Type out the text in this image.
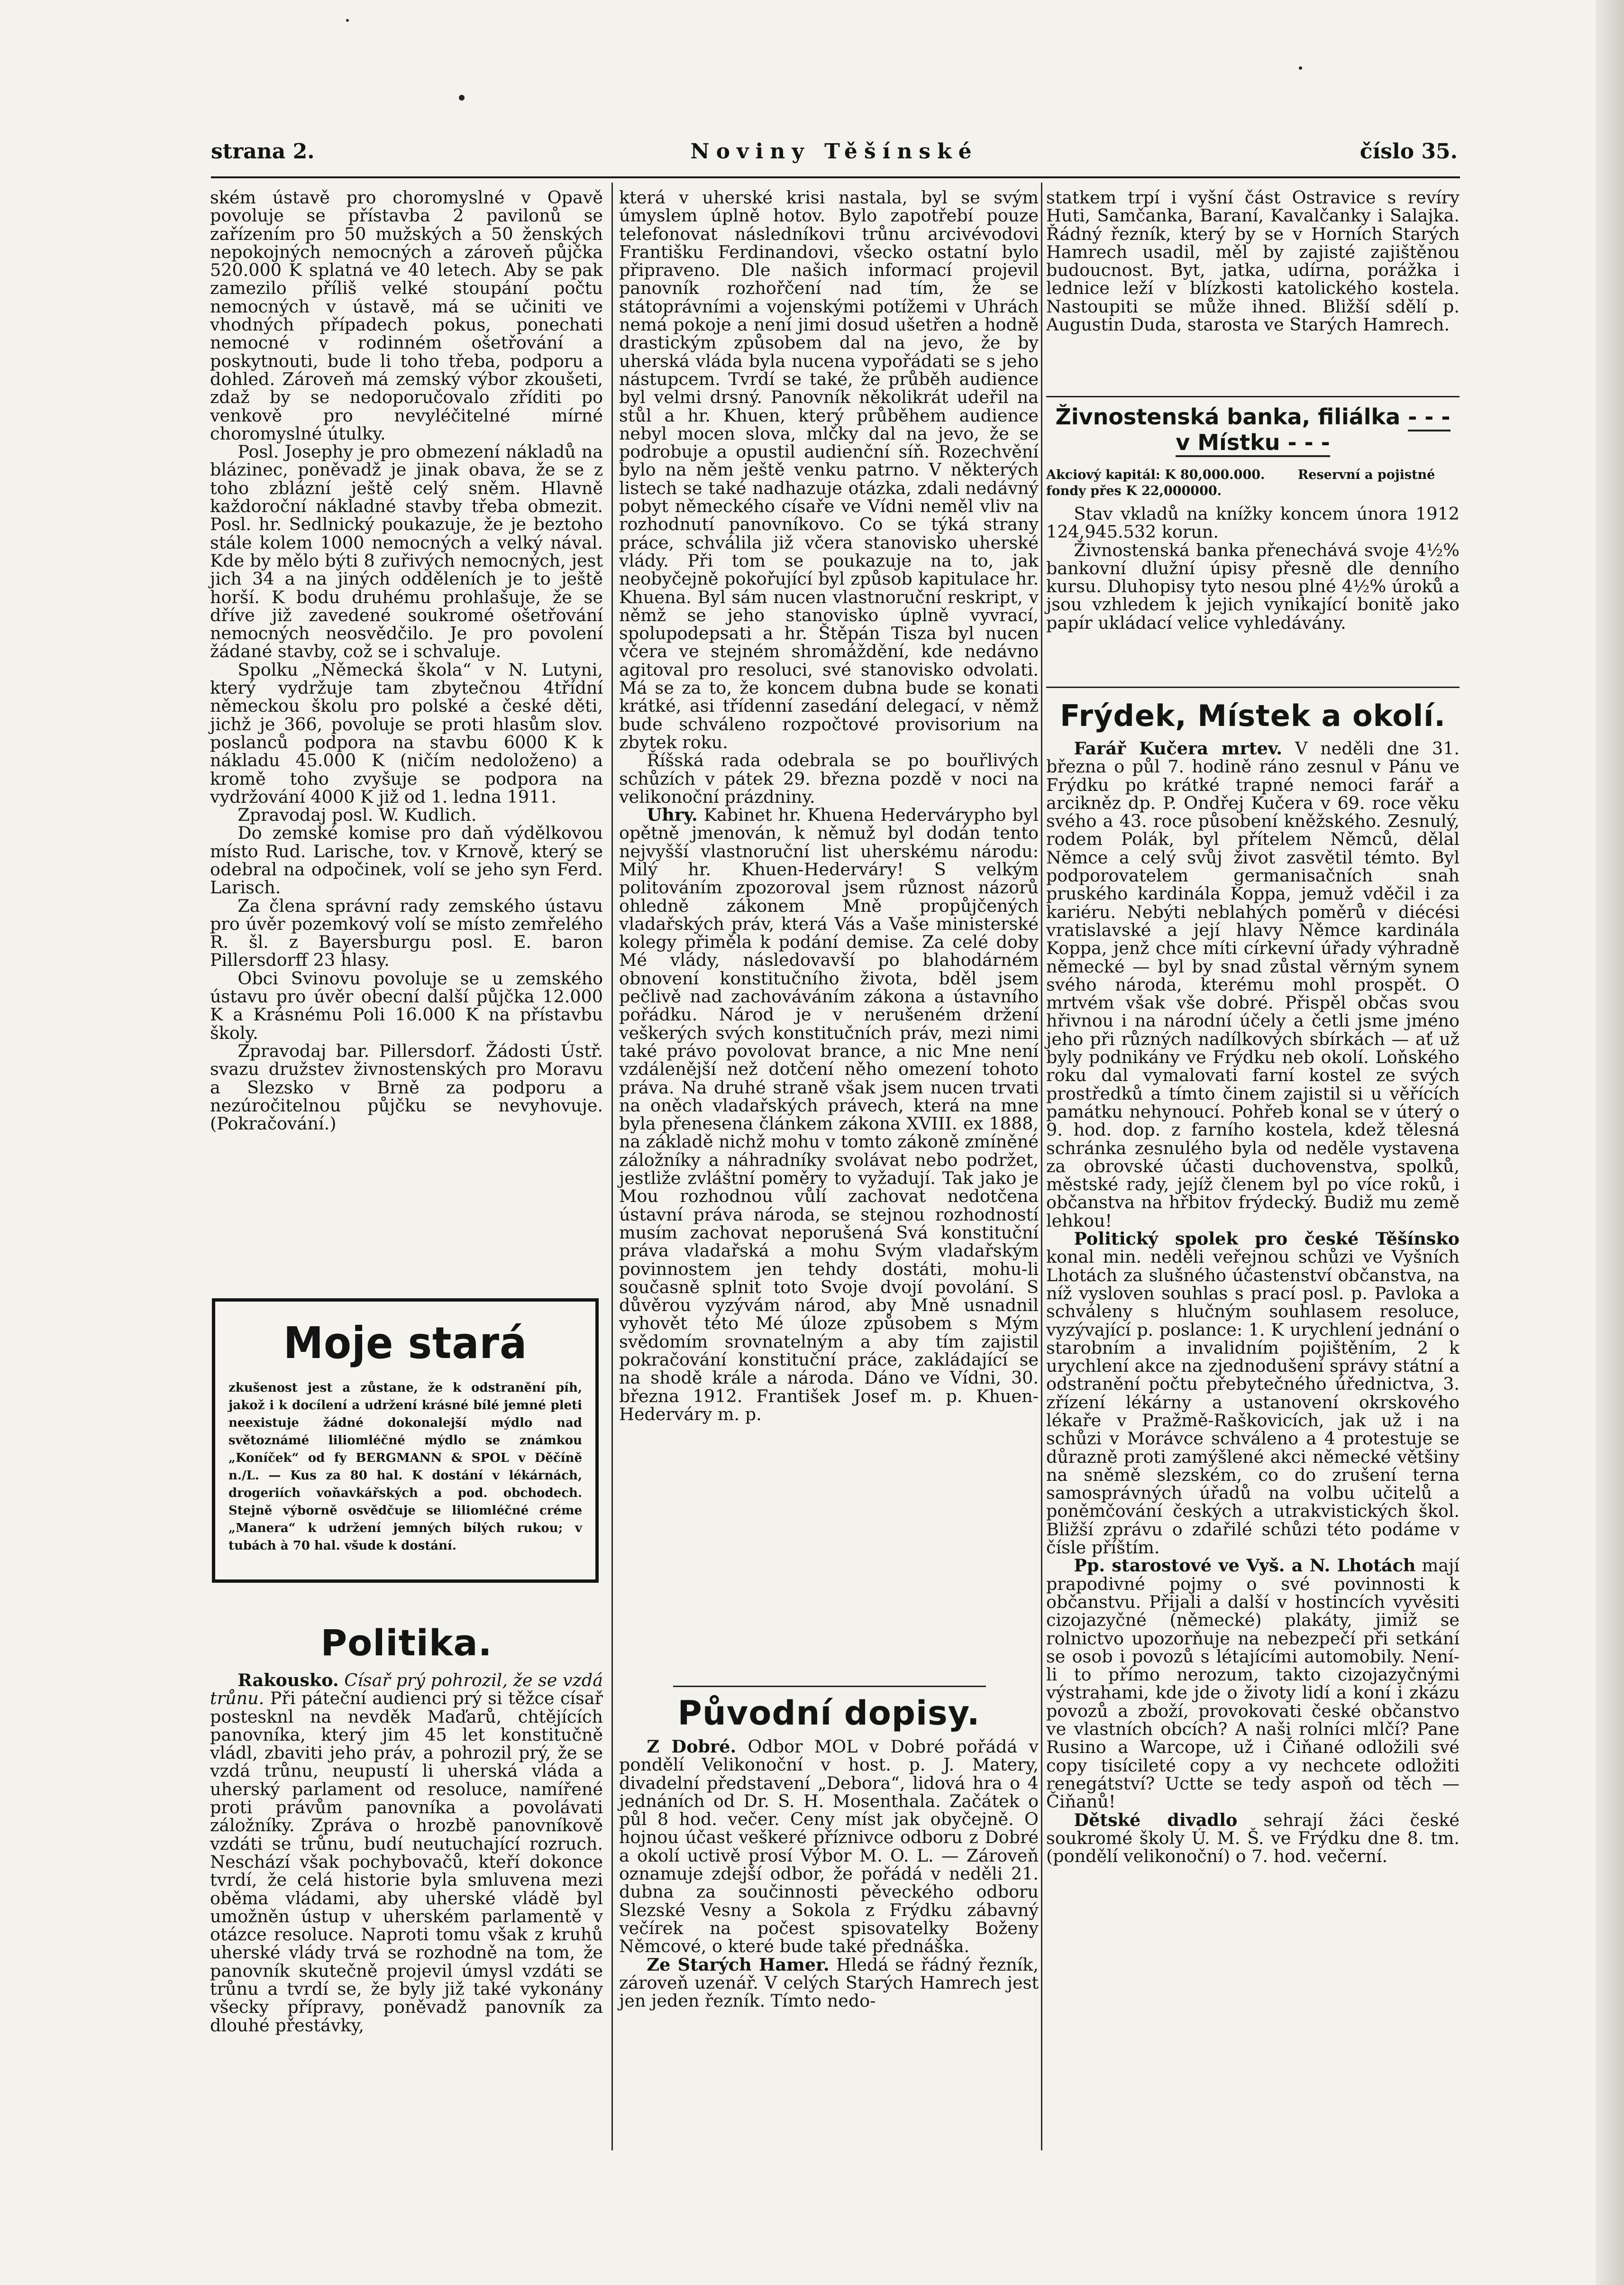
strana 2.	Noviny Těšínské	číslo 35.

ském ústavě pro choromyslné v Opavě povoluje se přístavba 2 pavilonů se zařízením pro 50 mužských a 50 ženských nepokojných nemocných a zároveň půjčka 520.000 K splatná ve 40 letech. Aby se pak zamezilo příliš velké stoupání počtu nemocných v ústavě, má se učiniti ve vhodných případech pokus, ponechati nemocné v rodinném ošetřování a poskytnouti, bude li toho třeba, podporu a dohled. Zároveň má zemský výbor zkoušeti, zdaž by se nedoporučovalo zříditi po venkově pro nevyléčitelné mírné choromyslné útulky.

Posl. Josephy je pro obmezení nákladů na blázinec, poněvadž je jinak obava, že se z toho zblázní ještě celý sněm. Hlavně každoroční nákladné stavby třeba obmezit. Posl. hr. Sedlnický poukazuje, že je beztoho stále kolem 1000 nemocných a velký nával. Kde by mělo býti 8 zuřivých nemocných, jest jich 34 a na jiných odděleních je to ještě horší. K bodu druhému prohlašuje, že se dříve již zavedené soukromé ošetřování nemocných neosvědčilo. Je pro povolení žádané stavby, což se i schvaluje.

Spolku „Německá škola“ v N. Lutyni, který vydržuje tam zbytečnou 4třídní německou školu pro polské a české děti, jichž je 366, povoluje se proti hlasům slov. poslanců podpora na stavbu 6000 K k nákladu 45.000 K (ničím nedoloženo) a kromě toho zvyšuje se podpora na vydržování 4000 K již od 1. ledna 1911.

Zpravodaj posl. W. Kudlich.

Do zemské komise pro daň výdělkovou místo Rud. Larische, tov. v Krnově, který se odebral na odpočinek, volí se jeho syn Ferd. Larisch.

Za člena správní rady zemského ústavu pro úvěr pozemkový volí se místo zemřelého R. šl. z Bayersburgu posl. E. baron Pillersdorff 23 hlasy.

Obci Svinovu povoluje se u zemského ústavu pro úvěr obecní další půjčka 12.000 K a Krásnému Poli 16.000 K na přístavbu školy.

Zpravodaj bar. Pillersdorf. Žádosti Ústř. svazu družstev živnostenských pro Moravu a Slezsko v Brně za podporu a nezúročitelnou půjčku se nevyhovuje. (Pokračování.)

Moje stará
zkušenost jest a zůstane, že k odstranění píh, jakož i k docílení a udržení krásné bílé jemné pleti neexistuje žádné dokonalejší mýdlo nad světoznámé liliomléčné mýdlo se známkou „Koníček“ od fy BERGMANN & SPOL v Děčíně n./L. — Kus za 80 hal. K dostání v lékárnách, drogeriích voňavkářských a pod. obchodech. Stejně výborně osvědčuje se liliomléčné créme „Manera“ k udržení jemných bílých rukou; v tubách à 70 hal. všude k dostání.
Politika.

Rakousko. Císař prý pohrozil, že se vzdá trůnu. Při páteční audienci prý si těžce císař postesknl na nevděk Maďarů, chtějících panovníka, který jim 45 let konstitučně vládl, zbaviti jeho práv, a pohrozil prý, že se vzdá trůnu, neupustí li uherská vláda a uherský parlament od resoluce, namířené proti právům panovníka a povolávati záložníky. Zpráva o hrozbě panovníkově vzdáti se trůnu, budí neutuchající rozruch. Neschází však pochybovačů, kteří dokonce tvrdí, že celá historie byla smluvena mezi oběma vládami, aby uherské vládě byl umožněn ústup v uherském parlamentě v otázce resoluce. Naproti tomu však z kruhů uherské vlády trvá se rozhodně na tom, že panovník skutečně projevil úmysl vzdáti se trůnu a tvrdí se, že byly již také vykonány všecky přípravy, poněvadž panovník za dlouhé přestávky,

která v uherské krisi nastala, byl se svým úmyslem úplně hotov. Bylo zapotřebí pouze telefonovat následníkovi trůnu arcivévodovi Františku Ferdinandovi, všecko ostatní bylo připraveno. Dle našich informací projevil panovník rozhořčení nad tím, že se státoprávními a vojenskými potížemi v Uhrách nemá pokoje a není jimi dosud ušetřen a hodně drastickým způsobem dal na jevo, že by uherská vláda byla nucena vypořádati se s jeho nástupcem. Tvrdí se také, že průběh audience byl velmi drsný. Panovník několikrát udeřil na stůl a hr. Khuen, který průběhem audience nebyl mocen slova, mlčky dal na jevo, že se podrobuje a opustil audienční síň. Rozechvění bylo na něm ještě venku patrno. V některých listech se také nadhazuje otázka, zdali nedávný pobyt německého císaře ve Vídni neměl vliv na rozhodnutí panovníkovo. Co se týká strany práce, schválila již včera stanovisko uherské vlády. Při tom se poukazuje na to, jak neobyčejně pokořující byl způsob kapitulace hr. Khuena. Byl sám nucen vlastnoruční reskript, v němž se jeho stanovisko úplně vyvrací, spolupodepsati a hr. Štěpán Tisza byl nucen včera ve stejném shromáždění, kde nedávno agitoval pro resoluci, své stanovisko odvolati. Má se za to, že koncem dubna bude se konati krátké, asi třídenní zasedání delegací, v němž bude schváleno rozpočtové provisorium na zbytek roku.

Říšská rada odebrala se po bouřlivých schůzích v pátek 29. března pozdě v noci na velikonoční prázdniny.

Uhry. Kabinet hr. Khuena Hedervárypho byl opětně jmenován, k němuž byl dodán tento nejvyšší vlastnoruční list uherskému národu: Milý hr. Khuen-Hederváry! S velkým politováním zpozoroval jsem různost názorů ohledně zákonem Mně propůjčených vladařských práv, která Vás a Vaše ministerské kolegy přiměla k podání demise. Za celé doby Mé vlády, následovavší po blahodárném obnovení konstitučního života, bděl jsem pečlivě nad zachováváním zákona a ústavního pořádku. Národ je v nerušeném držení veškerých svých konstitučních práv, mezi nimi také právo povolovat brance, a nic Mne není vzdálenější než dotčení něho omezení tohoto práva. Na druhé straně však jsem nucen trvati na oněch vladařských právech, která na mne byla přenesena článkem zákona XVIII. ex 1888, na základě nichž mohu v tomto zákoně zmíněné záložníky a náhradníky svolávat nebo podržet, jestliže zvláštní poměry to vyžadují. Tak jako je Mou rozhodnou vůlí zachovat nedotčena ústavní práva národa, se stejnou rozhodností musím zachovat neporušená Svá konstituční práva vladařská a mohu Svým vladařským povinnostem jen tehdy dostáti, mohu-li současně splnit toto Svoje dvojí povolání. S důvěrou vyzývám národ, aby Mně usnadnil vyhovět této Mé úloze způsobem s Mým svědomím srovnatelným a aby tím zajistil pokračování konstituční práce, zakládající se na shodě krále a národa. Dáno ve Vídni, 30. března 1912. František Josef m. p. Khuen-Hederváry m. p.

Původní dopisy.

Z Dobré. Odbor MOL v Dobré pořádá v pondělí Velikonoční v host. p. J. Matery, divadelní představení „Debora“, lidová hra o 4 jednáních od Dr. S. H. Mosenthala. Začátek o půl 8 hod. večer. Ceny míst jak obyčejně. O hojnou účast veškeré příznivce odboru z Dobré a okolí uctivě prosí Výbor M. O. L. — Zároveň oznamuje zdejší odbor, že pořádá v neděli 21. dubna za součinnosti pěveckého odboru Slezské Vesny a Sokola z Frýdku zábavný večírek na počest spisovatelky Boženy Němcové, o které bude také přednáška.

Ze Starých Hamer. Hledá se řádný řezník, zároveň uzenář. V celých Starých Hamrech jest jen jeden řezník. Tímto nedo-

statkem trpí i vyšní část Ostravice s revíry Huti, Samčanka, Baraní, Kavalčanky i Salajka. Řádný řezník, který by se v Horních Starých Hamrech usadil, měl by zajisté zajištěnou budoucnost. Byt, jatka, udírna, porážka i lednice leží v blízkosti katolického kostela. Nastoupiti se může ihned. Bližší sdělí p. Augustin Duda, starosta ve Starých Hamrech.

Živnostenská banka, filiálka - - - v Místku - - -
Akciový kapitál: K 80,000.000.	Reservní a pojistné fondy přes K 22,000000.

Stav vkladů na knížky koncem února 1912 124,945.532 korun.

Živnostenská banka přenechává svoje 4½% bankovní dlužní úpisy přesně dle denního kursu. Dluhopisy tyto nesou plné 4½% úroků a jsou vzhledem k jejich vynikající bonitě jako papír ukládací velice vyhledávány.

Frýdek, Místek a okolí.

Farář Kučera mrtev. V neděli dne 31. března o půl 7. hodině ráno zesnul v Pánu ve Frýdku po krátké trapné nemoci farář a arcikněz dp. P. Ondřej Kučera v 69. roce věku svého a 43. roce působení kněžského. Zesnulý, rodem Polák, byl přítelem Němců, dělal Němce a celý svůj život zasvětil témto. Byl podporovatelem germanisačních snah pruského kardinála Koppa, jemuž vděčil i za kariéru. Nebýti neblahých poměrů v diécési vratislavské a její hlavy Němce kardinála Koppa, jenž chce míti církevní úřady výhradně německé — byl by snad zůstal věrným synem svého národa, kterému mohl prospět. O mrtvém však vše dobré. Přispěl občas svou hřivnou i na národní účely a četli jsme jméno jeho při různých nadílkových sbírkách — ať už byly podnikány ve Frýdku neb okolí. Loňského roku dal vymalovati farní kostel ze svých prostředků a tímto činem zajistil si u věřících památku nehynoucí. Pohřeb konal se v úterý o 9. hod. dop. z farního kostela, kdež tělesná schránka zesnulého byla od neděle vystavena za obrovské účasti duchovenstva, spolků, městské rady, jejíž členem byl po více roků, i občanstva na hřbitov frýdecký. Budiž mu země lehkou!

Politický spolek pro české Těšínsko konal min. neděli veřejnou schůzi ve Vyšních Lhotách za slušného účastenství občanstva, na níž vysloven souhlas s prací posl. p. Pavloka a schváleny s hlučným souhlasem resoluce, vyzývající p. poslance: 1. K urychlení jednání o starobním a invalidním pojištěním, 2 k urychlení akce na zjednodušení správy státní a odstranění počtu přebytečného úřednictva, 3. zřízení lékárny a ustanovení okrskového lékaře v Pražmě-Raškovicích, jak už i na schůzi v Morávce schváleno a 4 protestuje se důrazně proti zamýšlené akci německé většiny na sněmě slezském, co do zrušení terna samosprávných úřadů na volbu učitelů a poněmčování českých a utrakvistických škol. Bližší zprávu o zdařilé schůzi této podáme v čísle příštím.

Pp. starostové ve Vyš. a N. Lhotách mají prapodivné pojmy o své povinnosti k občanstvu. Přijali a další v hostincích vyvěsiti cizojazyčné (německé) plakáty, jimiž se rolnictvo upozorňuje na nebezpečí při setkání se osob i povozů s létajícími automobily. Není-li to přímo nerozum, takto cizojazyčnými výstrahami, kde jde o životy lidí a koní i zkázu povozů a zboží, provokovati české občanstvo ve vlastních obcích? A naši rolníci mlčí? Pane Rusino a Warcope, už i Čiňané odložili své copy tisícileté copy a vy nechcete odložiti renegátství? Uctte se tedy aspoň od těch — Čiňanů!

Dětské divadlo sehrají žáci české soukromé školy Ú. M. Š. ve Frýdku dne 8. tm. (pondělí velikonoční) o 7. hod. večerní.
